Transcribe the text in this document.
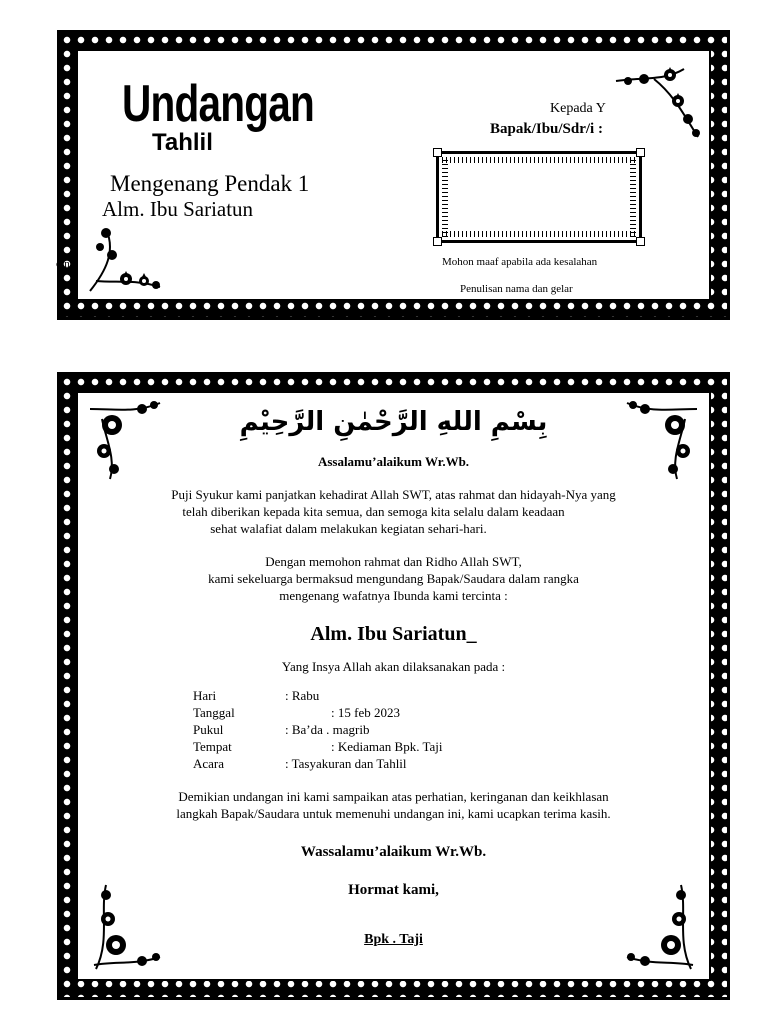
Undangan
Tahlil
Mengenang Pendak 1
Alm. Ibu Sariatun
o n
Kepada Y
Bapak/Ibu/Sdr/i :
Mohon maaf apabila ada kesalahan
Penulisan nama dan gelar
بِسْمِ اللهِ الرَّحْمٰنِ الرَّحِيْمِ
Assalamu’alaikum Wr.Wb.
Puji Syukur kami panjatkan kehadirat Allah SWT, atas rahmat dan hidayah-Nya yang
telah diberikan kepada kita semua, dan semoga kita selalu dalam keadaan
sehat walafiat dalam melakukan kegiatan sehari-hari.
Dengan memohon rahmat dan Ridho Allah SWT,
kami sekeluarga bermaksud mengundang Bapak/Saudara dalam rangka
mengenang wafatnya Ibunda kami tercinta :
Alm. Ibu Sariatun_
Yang Insya Allah akan dilaksanakan pada :
Hari	: Rabu
Tanggal	: 15 feb 2023
Pukul	: Ba’da . magrib
Tempat	: Kediaman Bpk. Taji
Acara	: Tasyakuran dan Tahlil
Demikian undangan ini kami sampaikan atas perhatian, keringanan dan keikhlasan
langkah Bapak/Saudara untuk memenuhi undangan ini, kami ucapkan terima kasih.
Wassalamu’alaikum Wr.Wb.
Hormat kami,
Bpk . Taji
